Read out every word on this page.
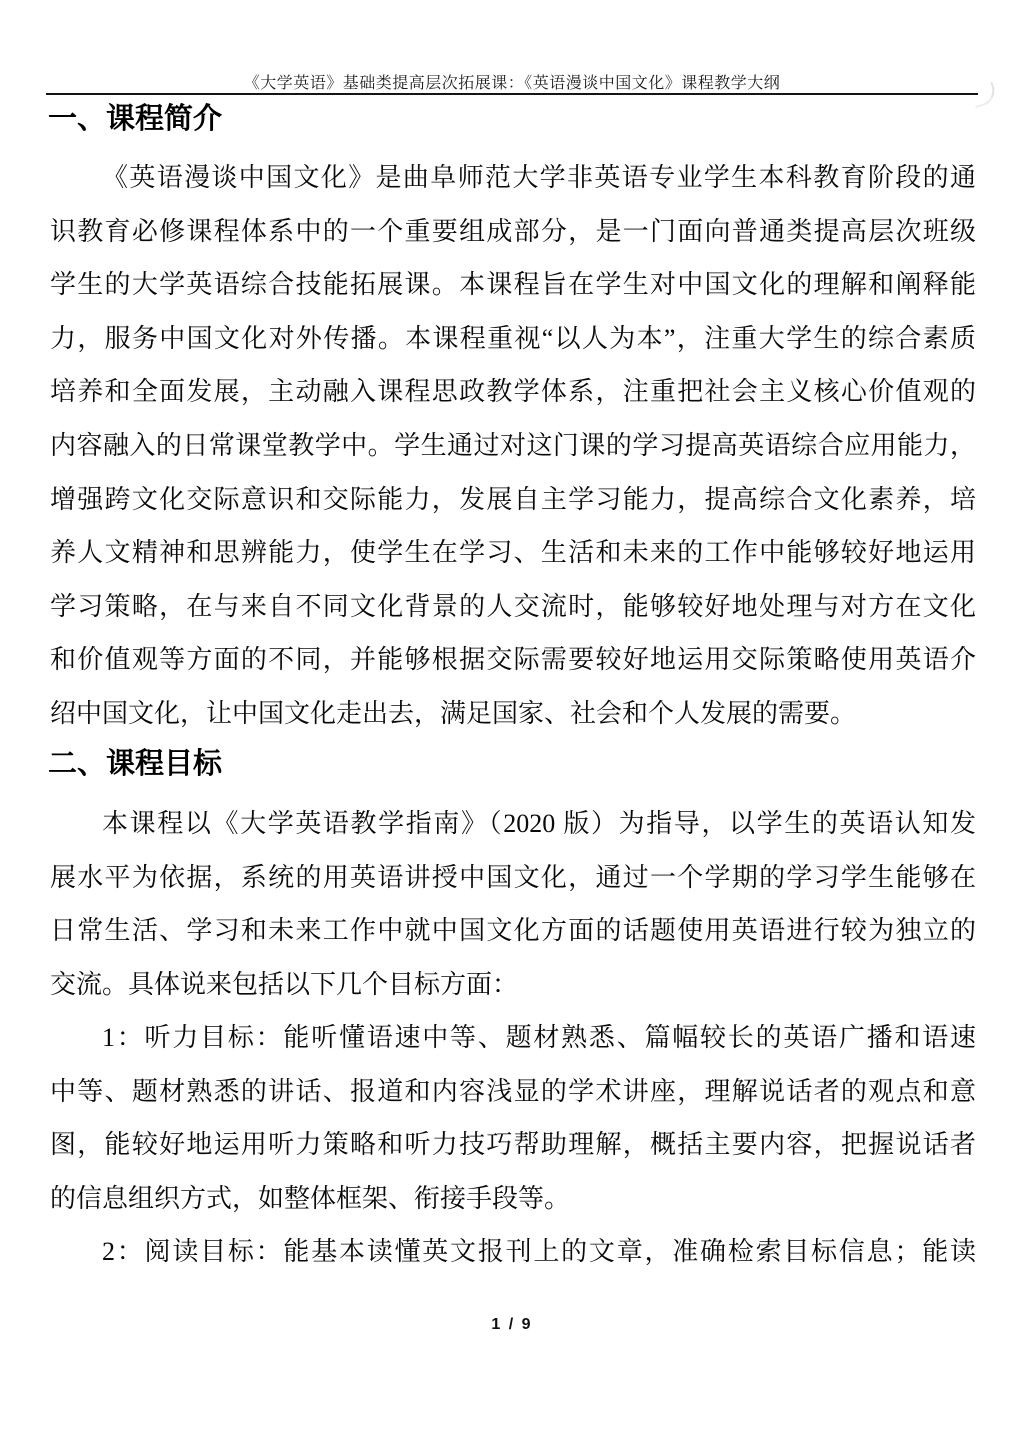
《大学英语》基础类提高层次拓展课：《英语漫谈中国文化》课程教学大纲
一、课程简介
《英语漫谈中国文化》是曲阜师范大学非英语专业学生本科教育阶段的通
识教育必修课程体系中的一个重要组成部分，是一门面向普通类提高层次班级
学生的大学英语综合技能拓展课。本课程旨在学生对中国文化的理解和阐释能
力，服务中国文化对外传播。本课程重视“以人为本”，注重大学生的综合素质
培养和全面发展，主动融入课程思政教学体系，注重把社会主义核心价值观的
内容融入的日常课堂教学中。学生通过对这门课的学习提高英语综合应用能力，
增强跨文化交际意识和交际能力，发展自主学习能力，提高综合文化素养，培
养人文精神和思辨能力，使学生在学习、生活和未来的工作中能够较好地运用
学习策略，在与来自不同文化背景的人交流时，能够较好地处理与对方在文化
和价值观等方面的不同，并能够根据交际需要较好地运用交际策略使用英语介
绍中国文化，让中国文化走出去，满足国家、社会和个人发展的需要。
二、课程目标
本课程以《大学英语教学指南》（2020 版）为指导，以学生的英语认知发
展水平为依据，系统的用英语讲授中国文化，通过一个学期的学习学生能够在
日常生活、学习和未来工作中就中国文化方面的话题使用英语进行较为独立的
交流。具体说来包括以下几个目标方面：
1：听力目标：能听懂语速中等、题材熟悉、篇幅较长的英语广播和语速
中等、题材熟悉的讲话、报道和内容浅显的学术讲座，理解说话者的观点和意
图，能较好地运用听力策略和听力技巧帮助理解，概括主要内容，把握说话者
的信息组织方式，如整体框架、衔接手段等。
2：阅读目标：能基本读懂英文报刊上的文章，准确检索目标信息；能读
1 / 9
